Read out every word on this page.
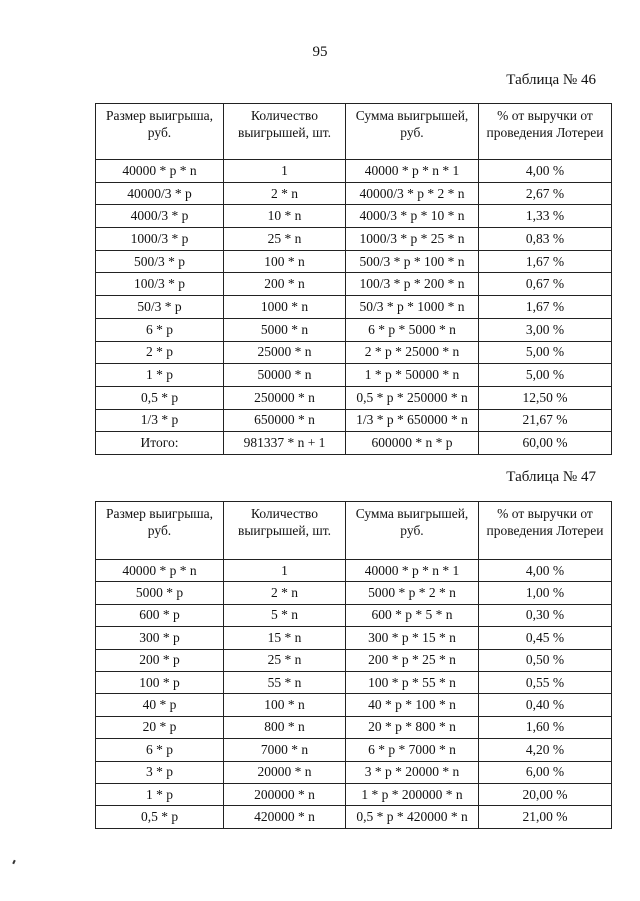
95
Таблица № 46
Размер выигрыша, руб.	Количество выигрышей, шт.	Сумма выигрышей, руб.	% от выручки от проведения Лотереи
40000 * p * n	1	40000 * p * n * 1	4,00 %
40000/3 * p	2 * n	40000/3 * p * 2 * n	2,67 %
4000/3 * p	10 * n	4000/3 * p * 10 * n	1,33 %
1000/3 * p	25 * n	1000/3 * p * 25 * n	0,83 %
500/3 * p	100 * n	500/3 * p * 100 * n	1,67 %
100/3 * p	200 * n	100/3 * p * 200 * n	0,67 %
50/3 * p	1000 * n	50/3 * p * 1000 * n	1,67 %
6 * p	5000 * n	6 * p * 5000 * n	3,00 %
2 * p	25000 * n	2 * p * 25000 * n	5,00 %
1 * p	50000 * n	1 * p * 50000 * n	5,00 %
0,5 * p	250000 * n	0,5 * p * 250000 * n	12,50 %
1/3 * p	650000 * n	1/3 * p * 650000 * n	21,67 %
Итого:	981337 * n + 1	600000 * n * p	60,00 %
Таблица № 47
Размер выигрыша, руб.	Количество выигрышей, шт.	Сумма выигрышей, руб.	% от выручки от проведения Лотереи
40000 * p * n	1	40000 * p * n * 1	4,00 %
5000 * p	2 * n	5000 * p * 2 * n	1,00 %
600 * p	5 * n	600 * p * 5 * n	0,30 %
300 * p	15 * n	300 * p * 15 * n	0,45 %
200 * p	25 * n	200 * p * 25 * n	0,50 %
100 * p	55 * n	100 * p * 55 * n	0,55 %
40 * p	100 * n	40 * p * 100 * n	0,40 %
20 * p	800 * n	20 * p * 800 * n	1,60 %
6 * p	7000 * n	6 * p * 7000 * n	4,20 %
3 * p	20000 * n	3 * p * 20000 * n	6,00 %
1 * p	200000 * n	1 * p * 200000 * n	20,00 %
0,5 * p	420000 * n	0,5 * p * 420000 * n	21,00 %
